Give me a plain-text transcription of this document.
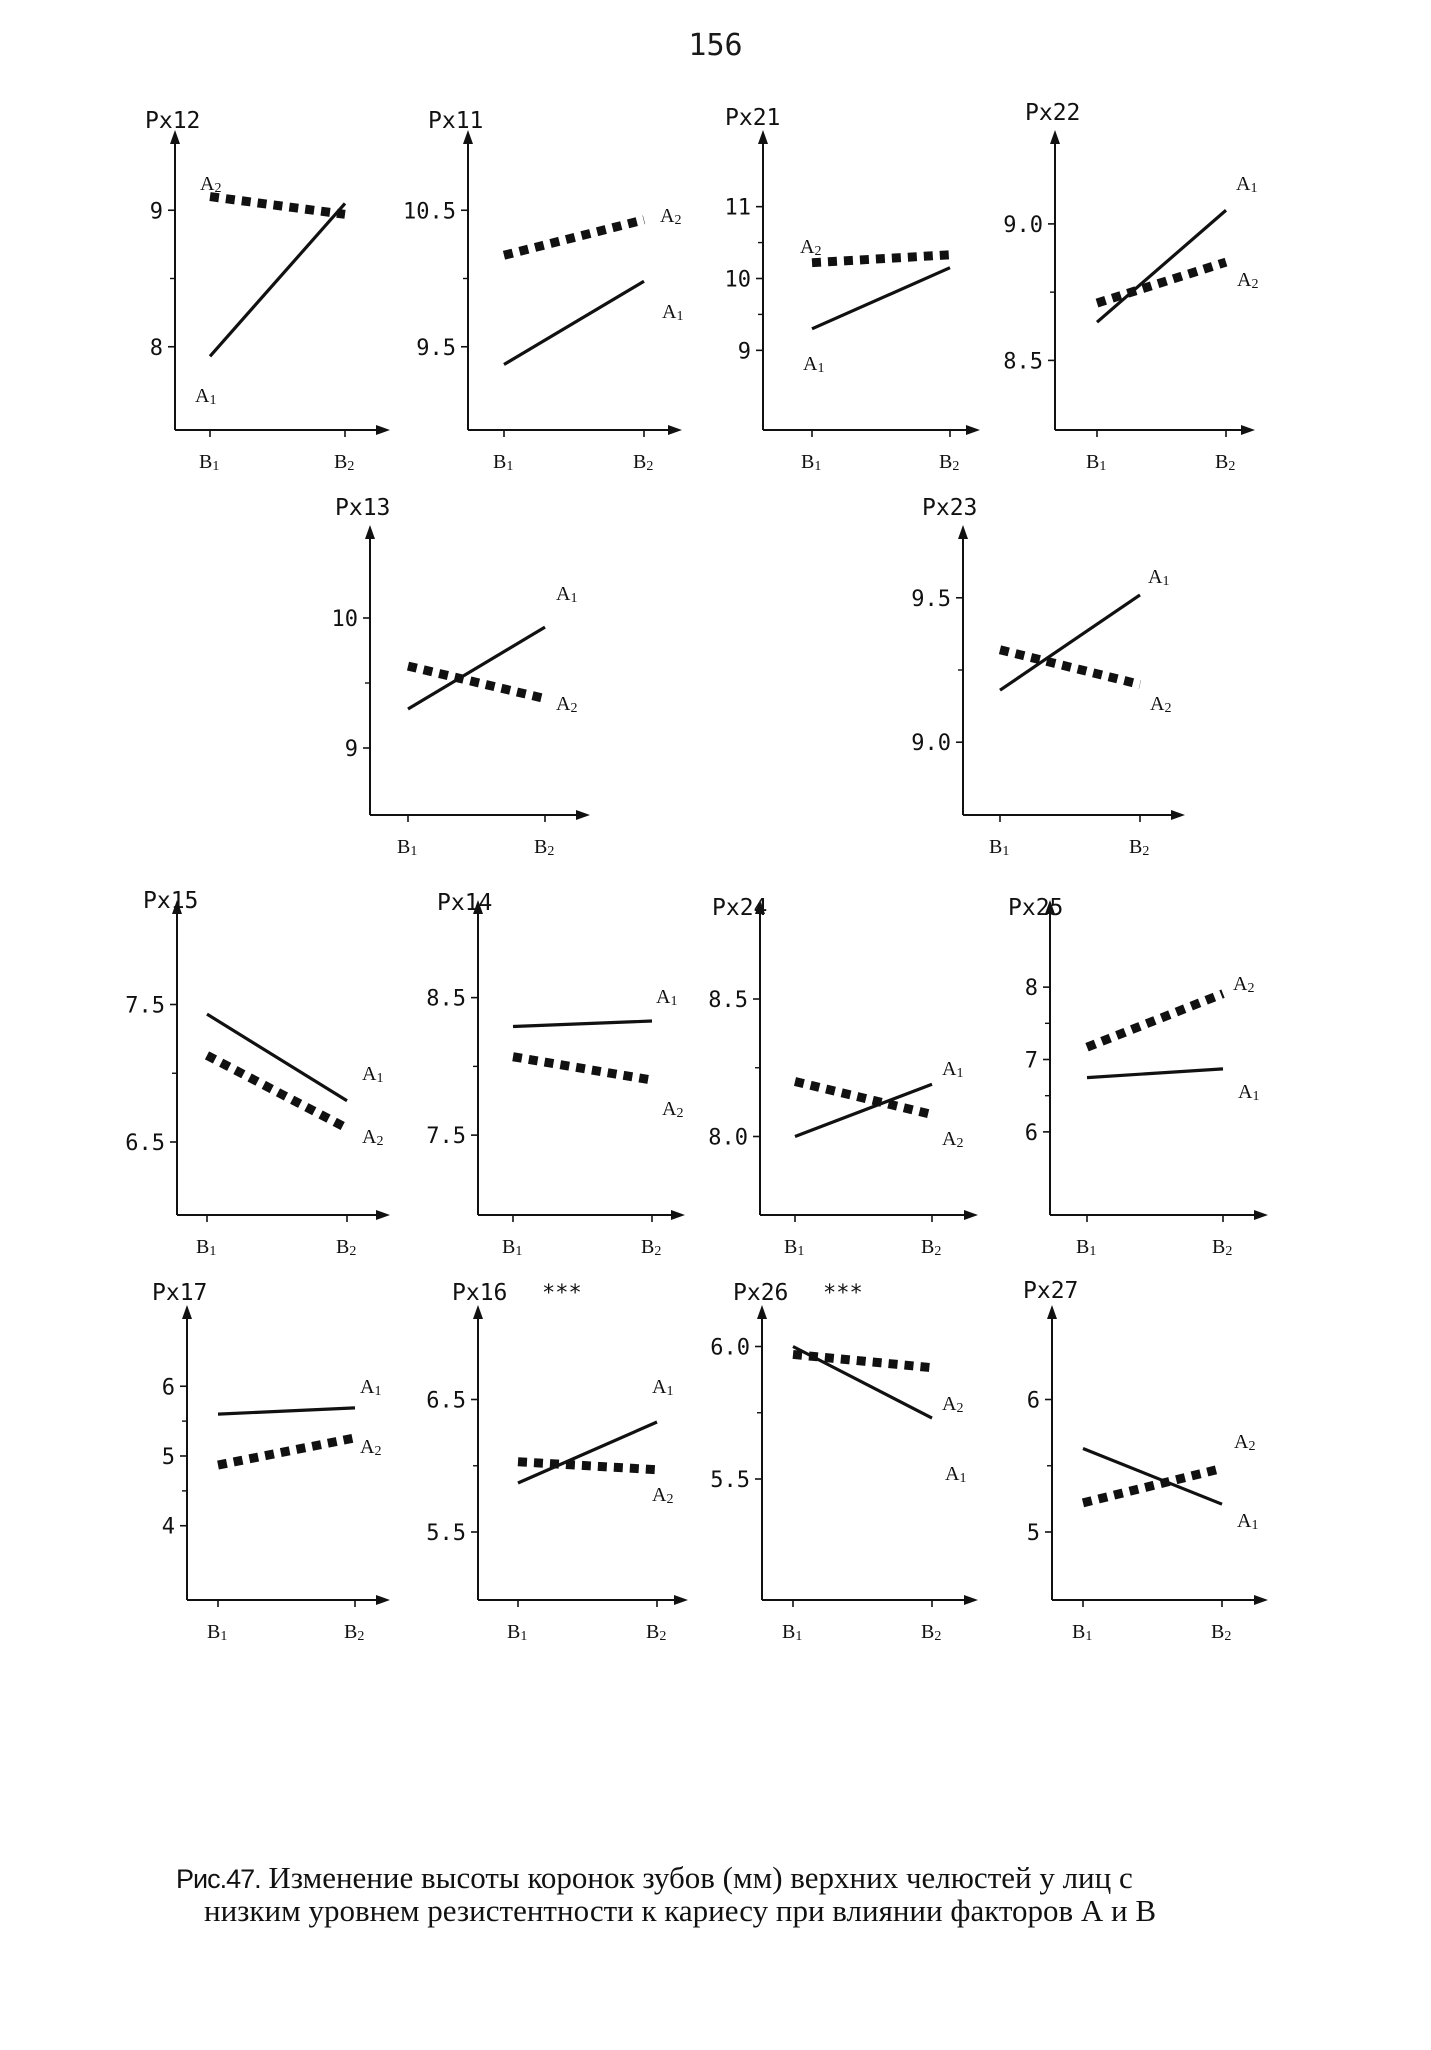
156
Px12
9
8
B1	B2
A2
A1
Px11
10.5
9.5
B1	B2
A2
A1
Px21
11
10
9
B1	B2
A2
A1
Px22
9.0
8.5
B1	B2
A1
A2
Px13
10
9
B1	B2
A1
A2
Px23
9.5
9.0
B1	B2
A1
A2
Px15
7.5
6.5
B1	B2
A1
A2
Px14
8.5
7.5
B1	B2
A1
A2
Px24
8.5
8.0
B1	B2
A1
A2
Px25
8
7
6
B1	B2
A2
A1
Px17
6
5
4
B1	B2
A1
A2
Px16 ***
6.5
5.5
B1	B2
A1
A2
Px26 ***
6.0
5.5
B1	B2
A2
A1
Px27
6
5
B1	B2
A2
A1
Рис.47. Изменение высоты коронок зубов (мм) верхних челюстей у лиц с
низким уровнем резистентности к кариесу при влиянии факторов А и В
